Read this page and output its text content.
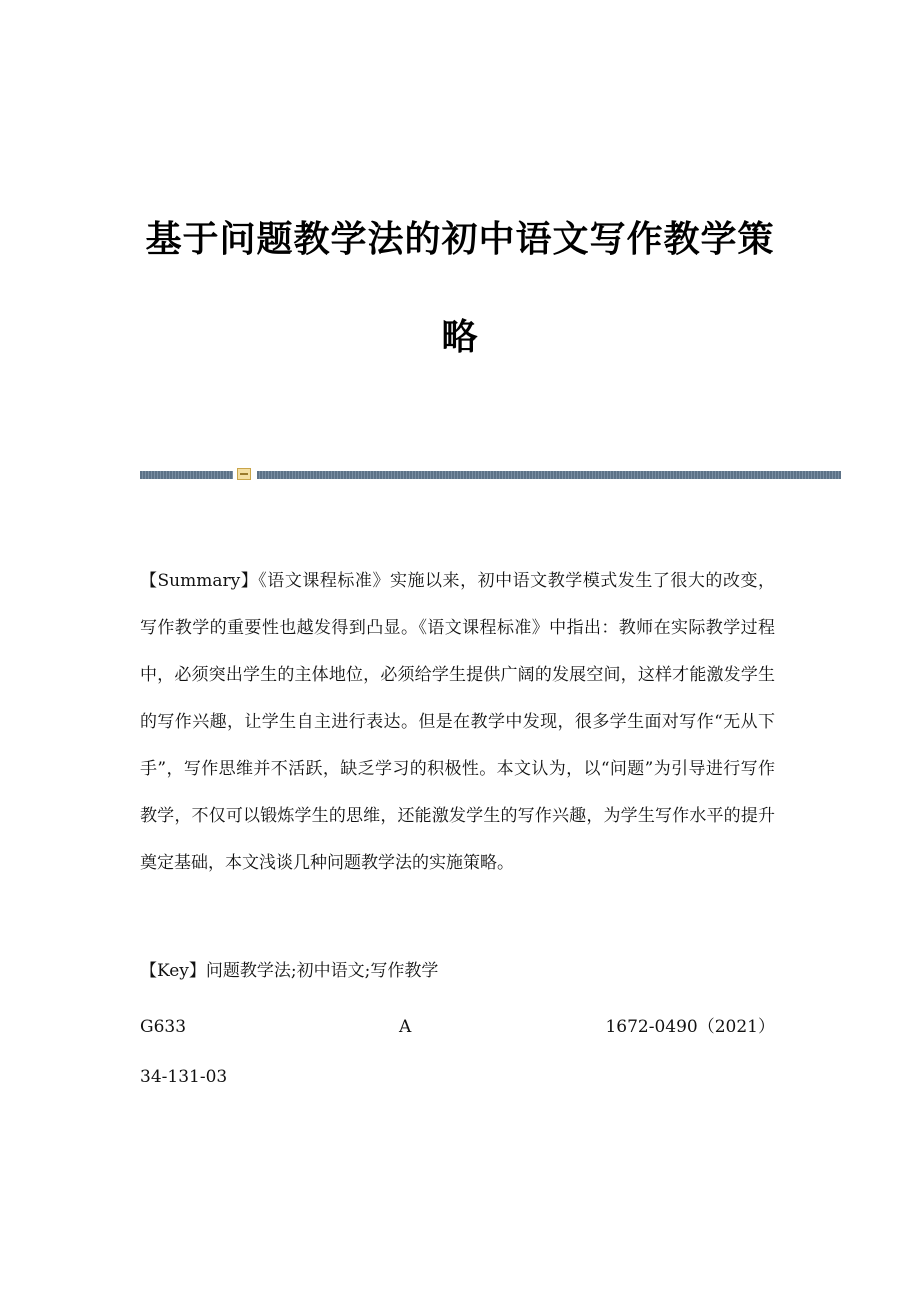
基于问题教学法的初中语文写作教学策
略
【Summary】《语文课程标准》实施以来，初中语文教学模式发生了很大的改变，写作教学的重要性也越发得到凸显。《语文课程标准》中指出：教师在实际教学过程中，必须突出学生的主体地位，必须给学生提供广阔的发展空间，这样才能激发学生的写作兴趣，让学生自主进行表达。但是在教学中发现，很多学生面对写作“无从下手”，写作思维并不活跃，缺乏学习的积极性。本文认为，以“问题”为引导进行写作教学，不仅可以锻炼学生的思维，还能激发学生的写作兴趣，为学生写作水平的提升奠定基础，本文浅谈几种问题教学法的实施策略。
【Key】问题教学法;初中语文;写作教学
G633	A	1672-0490（2021）
34-131-03
